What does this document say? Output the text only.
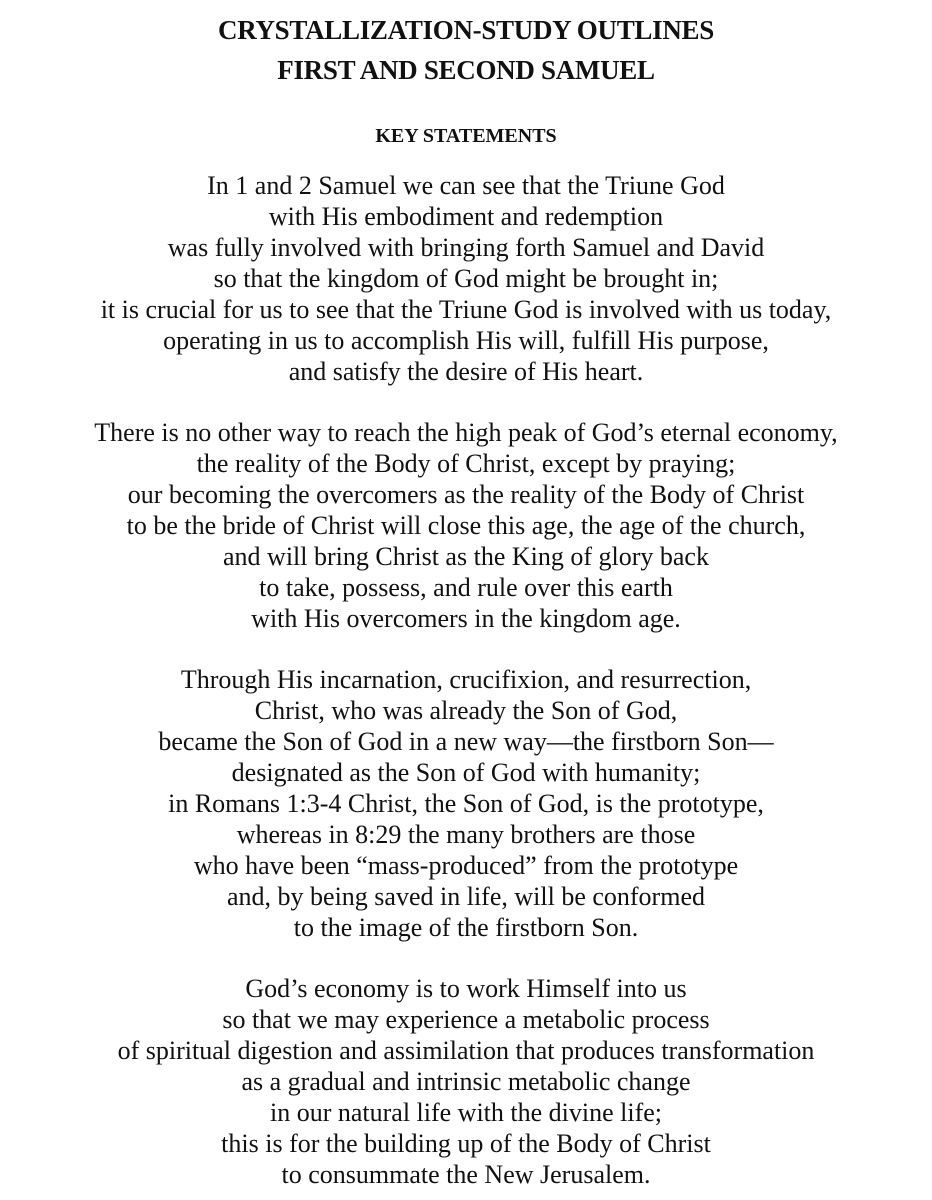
CRYSTALLIZATION-STUDY OUTLINES
FIRST AND SECOND SAMUEL
KEY STATEMENTS
In 1 and 2 Samuel we can see that the Triune God
with His embodiment and redemption
was fully involved with bringing forth Samuel and David
so that the kingdom of God might be brought in;
it is crucial for us to see that the Triune God is involved with us today,
operating in us to accomplish His will, fulfill His purpose,
and satisfy the desire of His heart.
There is no other way to reach the high peak of God’s eternal economy,
the reality of the Body of Christ, except by praying;
our becoming the overcomers as the reality of the Body of Christ
to be the bride of Christ will close this age, the age of the church,
and will bring Christ as the King of glory back
to take, possess, and rule over this earth
with His overcomers in the kingdom age.
Through His incarnation, crucifixion, and resurrection,
Christ, who was already the Son of God,
became the Son of God in a new way—the firstborn Son—
designated as the Son of God with humanity;
in Romans 1:3-4 Christ, the Son of God, is the prototype,
whereas in 8:29 the many brothers are those
who have been “mass-produced” from the prototype
and, by being saved in life, will be conformed
to the image of the firstborn Son.
God’s economy is to work Himself into us
so that we may experience a metabolic process
of spiritual digestion and assimilation that produces transformation
as a gradual and intrinsic metabolic change
in our natural life with the divine life;
this is for the building up of the Body of Christ
to consummate the New Jerusalem.
